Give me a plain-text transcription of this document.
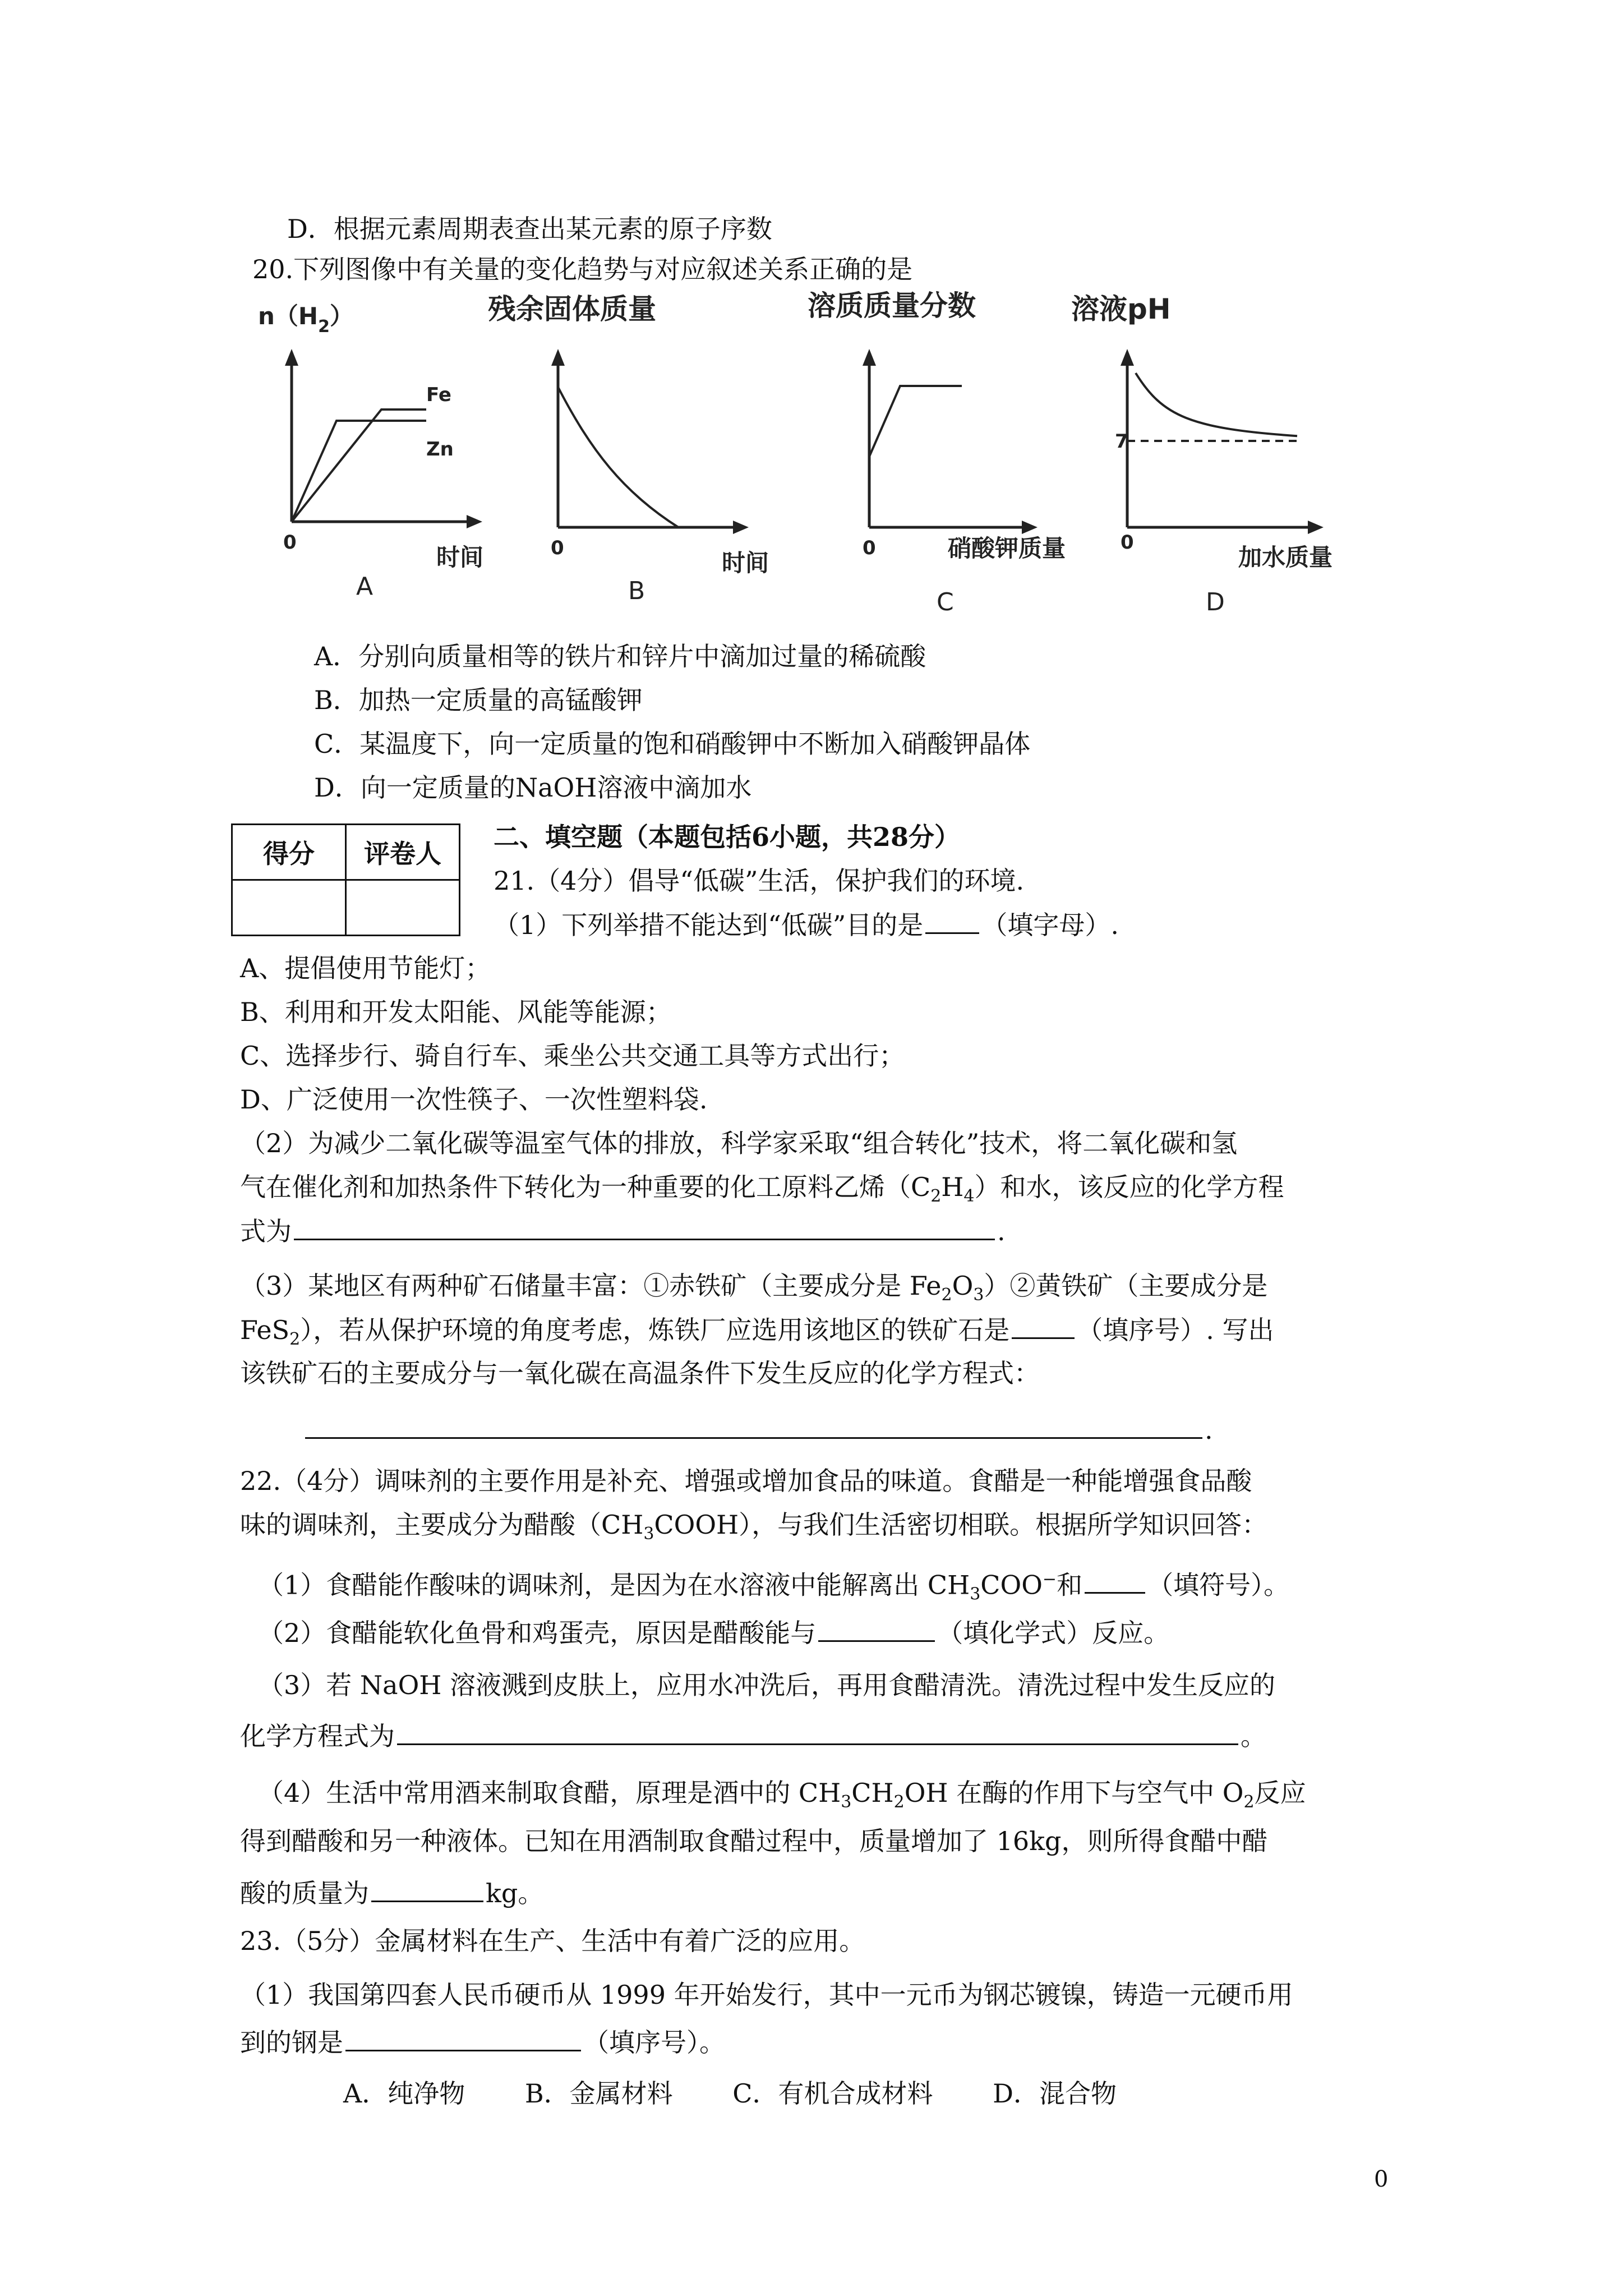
D．根据元素周期表查出某元素的原子序数
20.下列图像中有关量的变化趋势与对应叙述关系正确的是
$n(H_2)$
0
时间
Fe
Zn
A
残余固体质量
0
时间
B
溶质质量分数
0	硝酸钾质量
C
溶液pH
0
加水质量
7
D
A．分别向质量相等的铁片和锌片中滴加过量的稀硫酸
B．加热一定质量的高锰酸钾
C．某温度下，向一定质量的饱和硝酸钾中不断加入硝酸钾晶体
D．向一定质量的NaOH溶液中滴加水
得分	评卷人

二、填空题（本题包括6小题，共28分）
21.（4分）倡导“低碳”生活，保护我们的环境.
（1）下列举措不能达到“低碳”目的是 （填字母）.
A、提倡使用节能灯；
B、利用和开发太阳能、风能等能源；
C、选择步行、骑自行车、乘坐公共交通工具等方式出行；
D、广泛使用一次性筷子、一次性塑料袋.
（2）为减少二氧化碳等温室气体的排放，科学家采取“组合转化”技术，将二氧化碳和氢
气在催化剂和加热条件下转化为一种重要的化工原料乙烯$(C_2H_4)$和水，该反应的化学方程
式为	.
（3）某地区有两种矿石储量丰富：①赤铁矿（主要成分是 $Fe_2O_3)②$黄铁矿（主要成分是
FeS$_2$），若从保护环境的角度考虑，炼铁厂应选用该地区的铁矿石是	（填序号）. 写出
该铁矿石的主要成分与一氧化碳在高温条件下发生反应的化学方程式：
.
22.（4分）调味剂的主要作用是补充、增强或增加食品的味道。食醋是一种能增强食品酸
味的调味剂，主要成分为醋酸$(CH_3COOH)$，与我们生活密切相联。根据所学知识回答：
（1）食醋能作酸味的调味剂，是因为在水溶液中能解离出 $CH_3COO^-$和	（填符号）。
（2）食醋能软化鱼骨和鸡蛋壳，原因是醋酸能与	（填化学式）反应。
（3）若 NaOH 溶液溅到皮肤上，应用水冲洗后，再用食醋清洗。清洗过程中发生反应的
化学方程式为	。
（4）生活中常用酒来制取食醋，原理是酒中的 $CH_3CH_2OH$ 在酶的作用下与空气中 $O_2$反应
得到醋酸和另一种液体。已知在用酒制取食醋过程中，质量增加了 16kg，则所得食醋中醋
酸的质量为	kg。
23.（5分）金属材料在生产、生活中有着广泛的应用。
（1）我国第四套人民币硬币从 1999 年开始发行，其中一元币为钢芯镀镍，铸造一元硬币用
到的钢是	（填序号）。
A．纯净物　　 B．金属材料　　 C．有机合成材料　　 D．混合物
0
